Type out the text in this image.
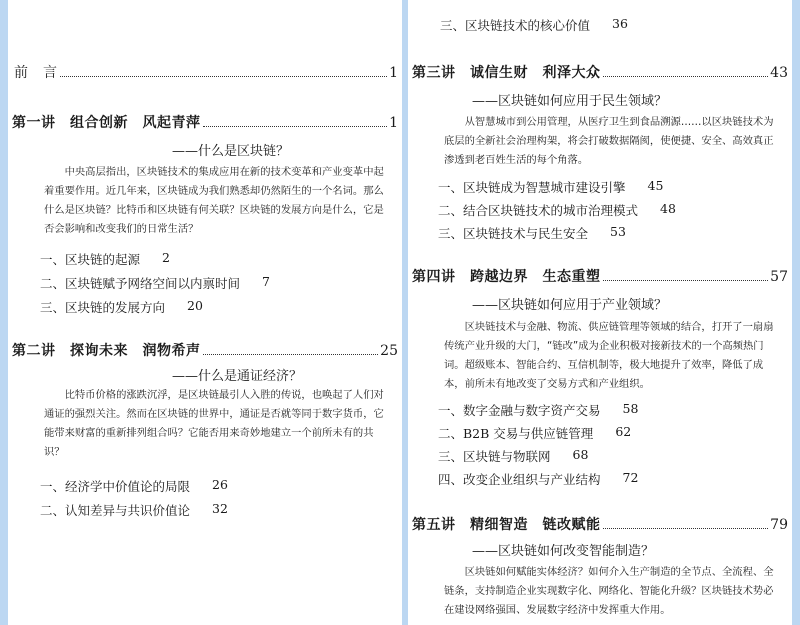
前　言	1
第一讲　组合创新　风起青萍	1
——什么是区块链？

中央高层指出，区块链技术的集成应用在新的技术变革和产业变革中起着重要作用。近几年来，区块链成为我们熟悉却仍然陌生的一个名词。那么什么是区块链？比特币和区块链有何关联？区块链的发展方向是什么，它是否会影响和改变我们的日常生活？

一、区块链的起源 2
二、区块链赋予网络空间以内禀时间 7
三、区块链的发展方向 20
第二讲　探询未来　润物希声	25
——什么是通证经济？

比特币价格的涨跌沉浮，是区块链最引人入胜的传说，也唤起了人们对通证的强烈关注。然而在区块链的世界中，通证是否就等同于数字货币，它能带来财富的重新排列组合吗？它能否用来奇妙地建立一个前所未有的共识？

一、经济学中价值论的局限 26
二、认知差异与共识价值论 32
三、区块链技术的核心价值 36
第三讲　诚信生财　利泽大众	43
——区块链如何应用于民生领域？

从智慧城市到公用管理，从医疗卫生到食品溯源……以区块链技术为底层的全新社会治理构架，将会打破数据隔阂，使便捷、安全、高效真正渗透到老百姓生活的每个角落。

一、区块链成为智慧城市建设引擎 45
二、结合区块链技术的城市治理模式 48
三、区块链技术与民生安全 53
第四讲　跨越边界　生态重塑	57
——区块链如何应用于产业领域？

区块链技术与金融、物流、供应链管理等领域的结合，打开了一扇扇传统产业升级的大门，“链改”成为企业积极对接新技术的一个高频热门词。超级账本、智能合约、互信机制等，极大地提升了效率，降低了成本，前所未有地改变了交易方式和产业组织。

一、数字金融与数字资产交易 58
二、B2B 交易与供应链管理 62
三、区块链与物联网 68
四、改变企业组织与产业结构 72
第五讲　精细智造　链改赋能	79
——区块链如何改变智能制造？

区块链如何赋能实体经济？如何介入生产制造的全节点、全流程、全链条，支持制造企业实现数字化、网络化、智能化升级？区块链技术势必在建设网络强国、发展数字经济中发挥重大作用。
